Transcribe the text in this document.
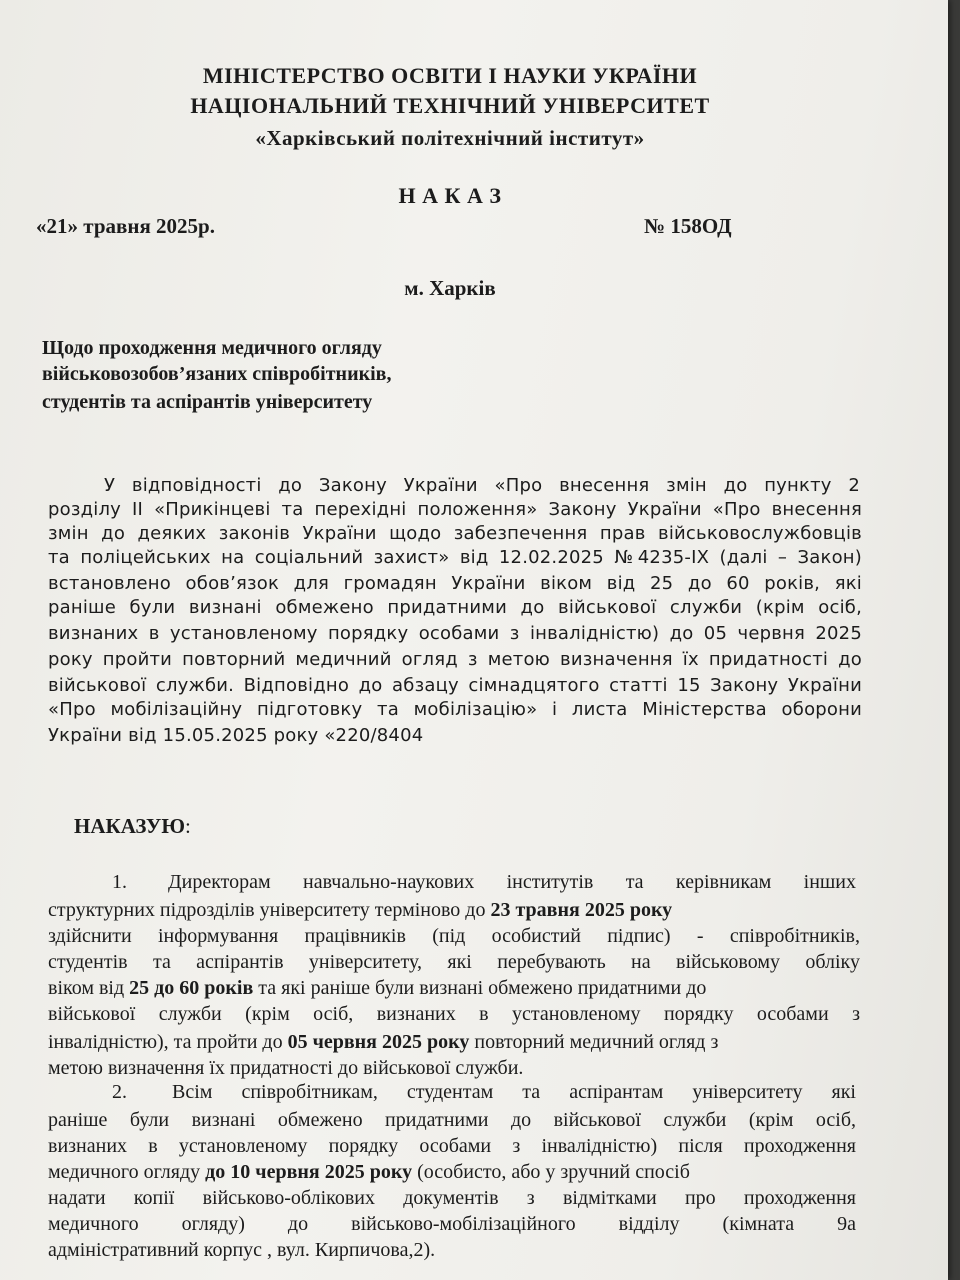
МІНІСТЕРСТВО ОСВІТИ І НАУКИ УКРАЇНИ
НАЦІОНАЛЬНИЙ ТЕХНІЧНИЙ УНІВЕРСИТЕТ
«Харківський політехнічний інститут»
Н А К А З
«21» травня 2025р.	№ 158ОД
м. Харків
Щодо проходження медичного огляду
військовозобов’язаних співробітників,
студентів та аспірантів університету
У відповідності до Закону України «Про внесення змін до пункту 2
розділу ІІ «Прикінцеві та перехідні положення» Закону України «Про внесення
змін до деяких законів України щодо забезпечення прав військовослужбовців
та поліцейських на соціальний захист» від 12.02.2025 №4235-ІХ (далі – Закон)
встановлено обов’язок для громадян України віком від 25 до 60 років, які
раніше були визнані обмежено придатними до військової служби (крім осіб,
визнаних в установленому порядку особами з інвалідністю) до 05 червня 2025
року пройти повторний медичний огляд з метою визначення їх придатності до
військової служби. Відповідно до абзацу сімнадцятого статті 15 Закону України
«Про мобілізаційну підготовку та мобілізацію» і листа Міністерства оборони
України від 15.05.2025 року «220/8404
НАКАЗУЮ:
1. Директорам навчально-наукових інститутів та керівникам інших
структурних підрозділів університету терміново до 23 травня 2025 року
здійснити інформування працівників (під особистий підпис) - співробітників,
студентів та аспірантів університету, які перебувають на військовому обліку
віком від 25 до 60 років та які раніше були визнані обмежено придатними до
військової служби (крім осіб, визнаних в установленому порядку особами з
інвалідністю), та пройти до 05 червня 2025 року повторний медичний огляд з
метою визначення їх придатності до військової служби.
2. Всім співробітникам, студентам та аспірантам університету які
раніше були визнані обмежено придатними до військової служби (крім осіб,
визнаних в установленому порядку особами з інвалідністю) після проходження
медичного огляду до 10 червня 2025 року (особисто, або у зручний спосіб
надати копії військово-облікових документів з відмітками про проходження
медичного огляду) до військово-мобілізаційного відділу (кімната 9а
адміністративний корпус , вул. Кирпичова,2).
